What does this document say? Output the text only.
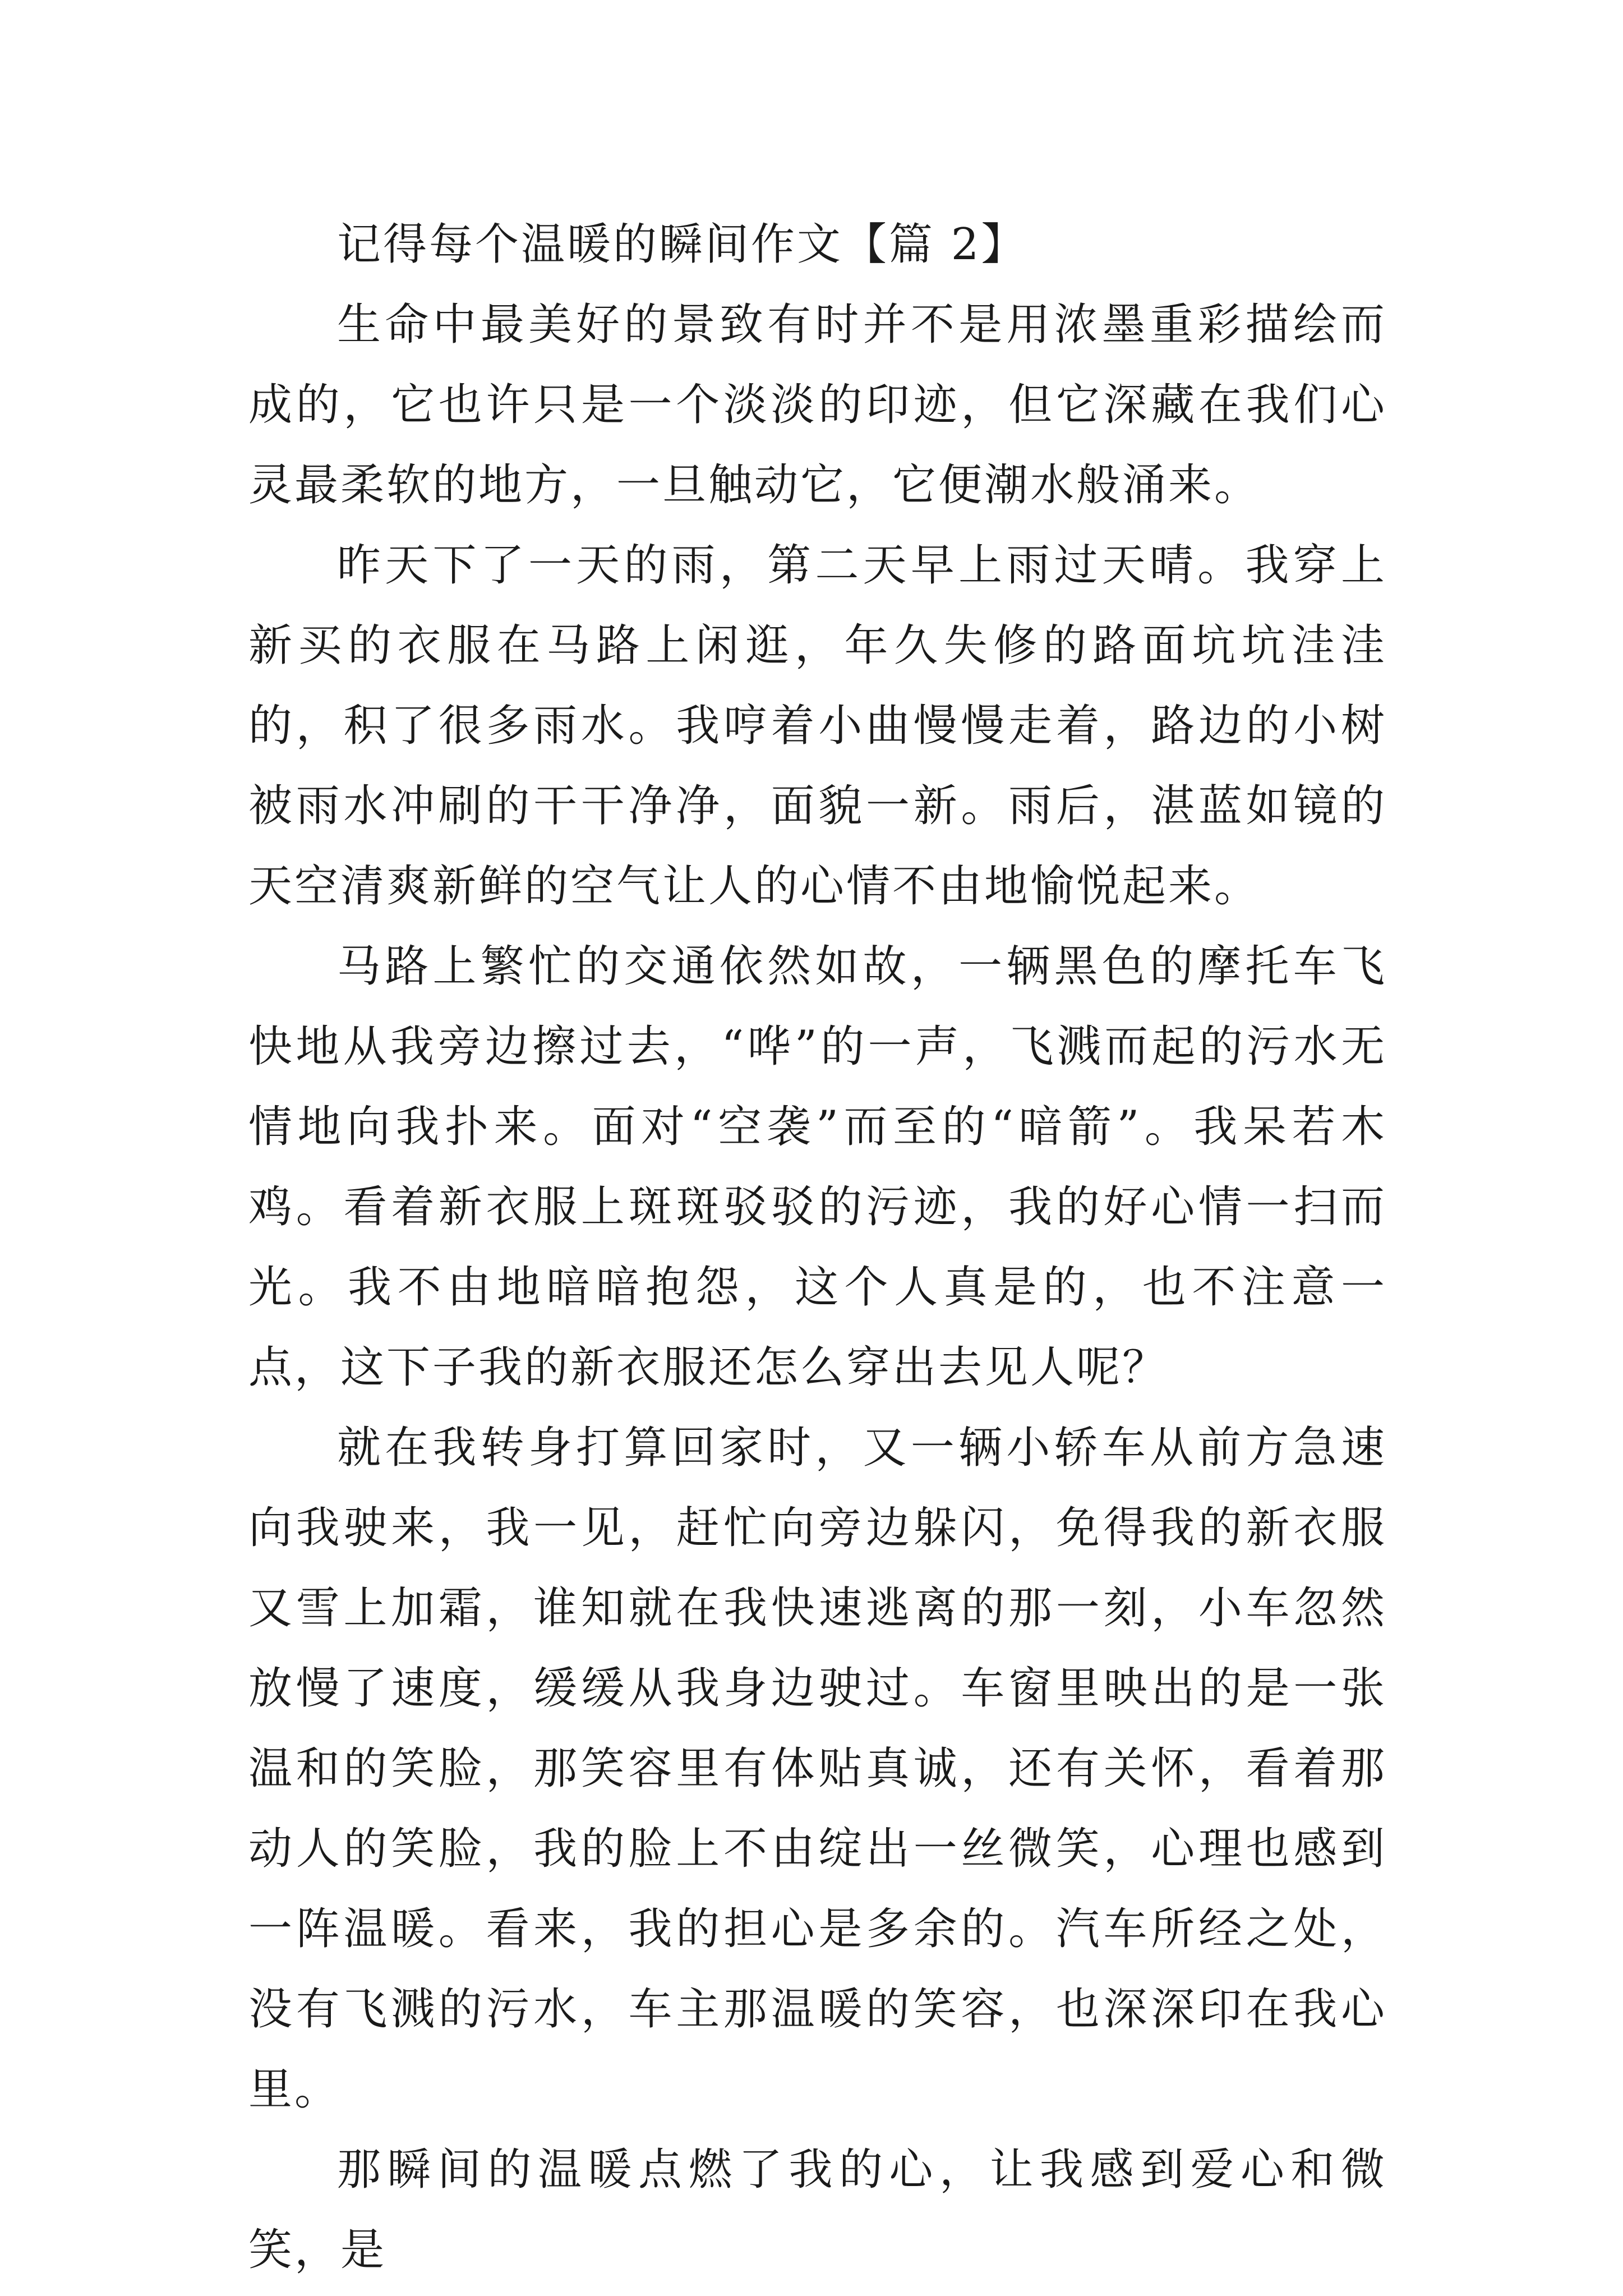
记得每个温暖的瞬间作文【篇 2】

生命中最美好的景致有时并不是用浓墨重彩描绘而成的，它也许只是一个淡淡的印迹，但它深藏在我们心灵最柔软的地方，一旦触动它，它便潮水般涌来。

昨天下了一天的雨，第二天早上雨过天晴。我穿上新买的衣服在马路上闲逛，年久失修的路面坑坑洼洼的，积了很多雨水。我哼着小曲慢慢走着，路边的小树被雨水冲刷的干干净净，面貌一新。雨后，湛蓝如镜的天空清爽新鲜的空气让人的心情不由地愉悦起来。

马路上繁忙的交通依然如故，一辆黑色的摩托车飞快地从我旁边擦过去，“哗”的一声，飞溅而起的污水无情地向我扑来。面对“空袭”而至的“暗箭”。我呆若木鸡。看着新衣服上斑斑驳驳的污迹，我的好心情一扫而光。我不由地暗暗抱怨，这个人真是的，也不注意一点，这下子我的新衣服还怎么穿出去见人呢？

就在我转身打算回家时，又一辆小轿车从前方急速向我驶来，我一见，赶忙向旁边躲闪，免得我的新衣服又雪上加霜，谁知就在我快速逃离的那一刻，小车忽然放慢了速度，缓缓从我身边驶过。车窗里映出的是一张温和的笑脸，那笑容里有体贴真诚，还有关怀，看着那动人的笑脸，我的脸上不由绽出一丝微笑，心理也感到一阵温暖。看来，我的担心是多余的。汽车所经之处，没有飞溅的污水，车主那温暖的笑容，也深深印在我心里。

那瞬间的温暖点燃了我的心，让我感到爱心和微笑，是
